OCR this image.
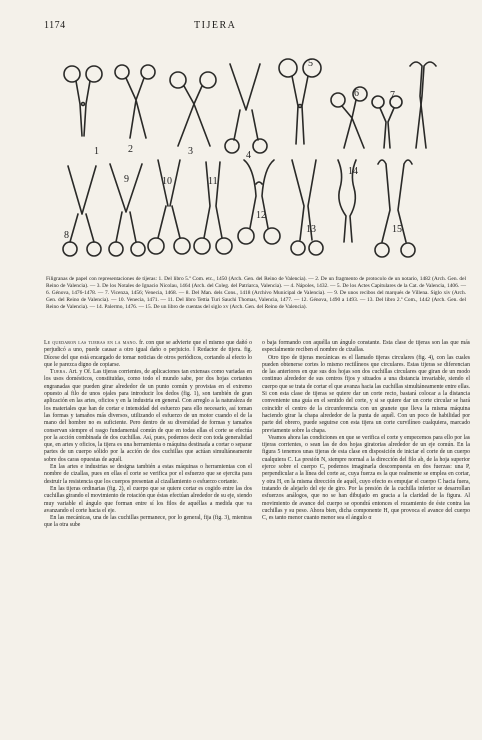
1174	TIJERA
1	2	3	4
5
6	7
8
9	10	11
12
13
14
15
Filigranas de papel con representaciones de tijeras: 1. Del libro 5.º Com. etc., 1450 (Arch. Gen. del Reino de Valencia). — 2. De un fragmento de protocolo de un notario, 1482 (Arch. Gen. del Reino de Valencia). — 3. De los Notales de Ignacio Nicolau, 1464 (Arch. del Coleg. del Patriarca, Valencia). — 4. Nápoles, 1432. — 5. De los Actes Capitulares de la Cat. de Valencia, 1406. — 6. Génova, 1476-1478. — 7. Vicenza, 1456; Venecia, 1468. — 8. Del Man. dels Cons., 1418 (Archivo Municipal de Valencia). — 9. De unos recibos del marqués de Villena. Siglo xiv (Arch. Gen. del Reino de Valencia). — 10. Venecia, 1471. — 11. Del libro Tettia Turi Sauchi Thomas, Valencia, 1477. — 12. Génova, 1490 a 1493. — 13. Del libro 2.º Com., 1442 (Arch. Gen. del Reino de Valencia). — 14. Palermo, 1476. — 15. De un libro de cuentas del siglo xv (Arch. Gen. del Reino de Valencia).

Le quedaron las tijeras en la mano. fr. con que se advierte que el mismo que dañó o perjudicó a uno, puede causar a otro igual daño o perjuicio. ‖ Redactor de tijera. fig. Dícese del que está encargado de tomar noticias de otros periódicos, cortando al efecto lo que le parezca digno de copiarse.

Tijera. Art. y Of. Las tijeras corrientes, de aplicaciones tan extensas como variadas en los usos domésticos, constituidas, como todo el mundo sabe, por dos hojas cortantes engranadas que pueden girar alrededor de un punto común y provistas en el extremo opuesto al filo de unos ojales para introducir los dedos (fig. 1), son también de gran aplicación en las artes, oficios y en la industria en general. Con arreglo a la naturaleza de los materiales que han de cortar e intensidad del esfuerzo para ello necesario, así toman las formas y tamaños más diversos, utilizando el esfuerzo de un motor cuando el de la mano del hombre no es suficiente. Pero dentro de su diversidad de formas y tamaños conservan siempre el rasgo fundamental común de que en todas ellas el corte se efectúa por la acción combinada de dos cuchillas. Así, pues, podemos decir con toda generalidad que, en artes y oficios, la tijera es una herramienta o máquina destinada a cortar o separar partes de un cuerpo sólido por la acción de dos cuchillas que actúan simultáneamente sobre dos caras opuestas de aquél.

En las artes e industrias se designa también a estas máquinas o herramientas con el nombre de cizallas, pues en ellas el corte se verifica por el esfuerzo que se ejercita para destruir la resistencia que los cuerpos presentan al cizallamiento o esfuerzo cortante.

En las tijeras ordinarias (fig. 2), el cuerpo que se quiere cortar es cogido entre las dos cuchillas girando el movimiento de rotación que éstas efectúan alrededor de su eje, siendo muy variable el ángulo que forman entre sí los filos de aquéllas a medida que va avanzando el corte hacia el eje.

En las mecánicas, una de las cuchillas permanece, por lo general, fija (fig. 3), mientras que la otra sube

o baja formando con aquélla un ángulo constante. Esta clase de tijeras son las que más especialmente reciben el nombre de cizallas.

Otro tipo de tijeras mecánicas es el llamado tijeras circulares (fig. 4), con las cuales pueden obtenerse cortes lo mismo rectilíneos que circulares. Estas tijeras se diferencian de las anteriores en que sus dos hojas son dos cuchillas circulares que giran de un modo continuo alrededor de sus centros fijos y situados a una distancia invariable, siendo el cuerpo que se trata de cortar el que avanza hacia las cuchillas simultáneamente entre ellas. Si con esta clase de tijeras se quiere dar un corte recto, bastará colocar a la distancia conveniente una guía en el sentido del corte, y si se quiere dar un corte circular se hará coincidir el centro de la circunferencia con un granete que lleva la misma máquina haciendo girar la chapa alrededor de la punta de aquél. Con un poco de habilidad por parte del obrero, puede seguirse con esta tijera un corte curvilíneo cualquiera, marcado previamente sobre la chapa.

Veamos ahora las condiciones en que se verifica el corte y empecemos para ello por las tijeras corrientes, o sean las de dos hojas giratorias alrededor de un eje común. En la figura 5 tenemos unas tijeras de esta clase en disposición de iniciar el corte de un cuerpo cualquiera C. La presión N, siempre normal a la dirección del filo ab, de la hoja superior ejerce sobre el cuerpo C, podemos imaginarla descompuesta en dos fuerzas: una P, perpendicular a la línea del corte ac, cuya fuerza es la que realmente se emplea en cortar, y otra H, en la misma dirección de aquél, cuyo efecto es empujar el cuerpo C hacia fuera, tratando de alejarlo del eje de giro. Por la presión de la cuchilla inferior se desarrollan esfuerzos análogos, que no se han dibujado en gracia a la claridad de la figura. Al movimiento de avance del cuerpo se opondrá entonces el rozamiento de éste contra las cuchillas y su peso. Ahora bien, dicha componente H, que provoca el avance del cuerpo C, es tanto menor cuanto menor sea el ángulo α
